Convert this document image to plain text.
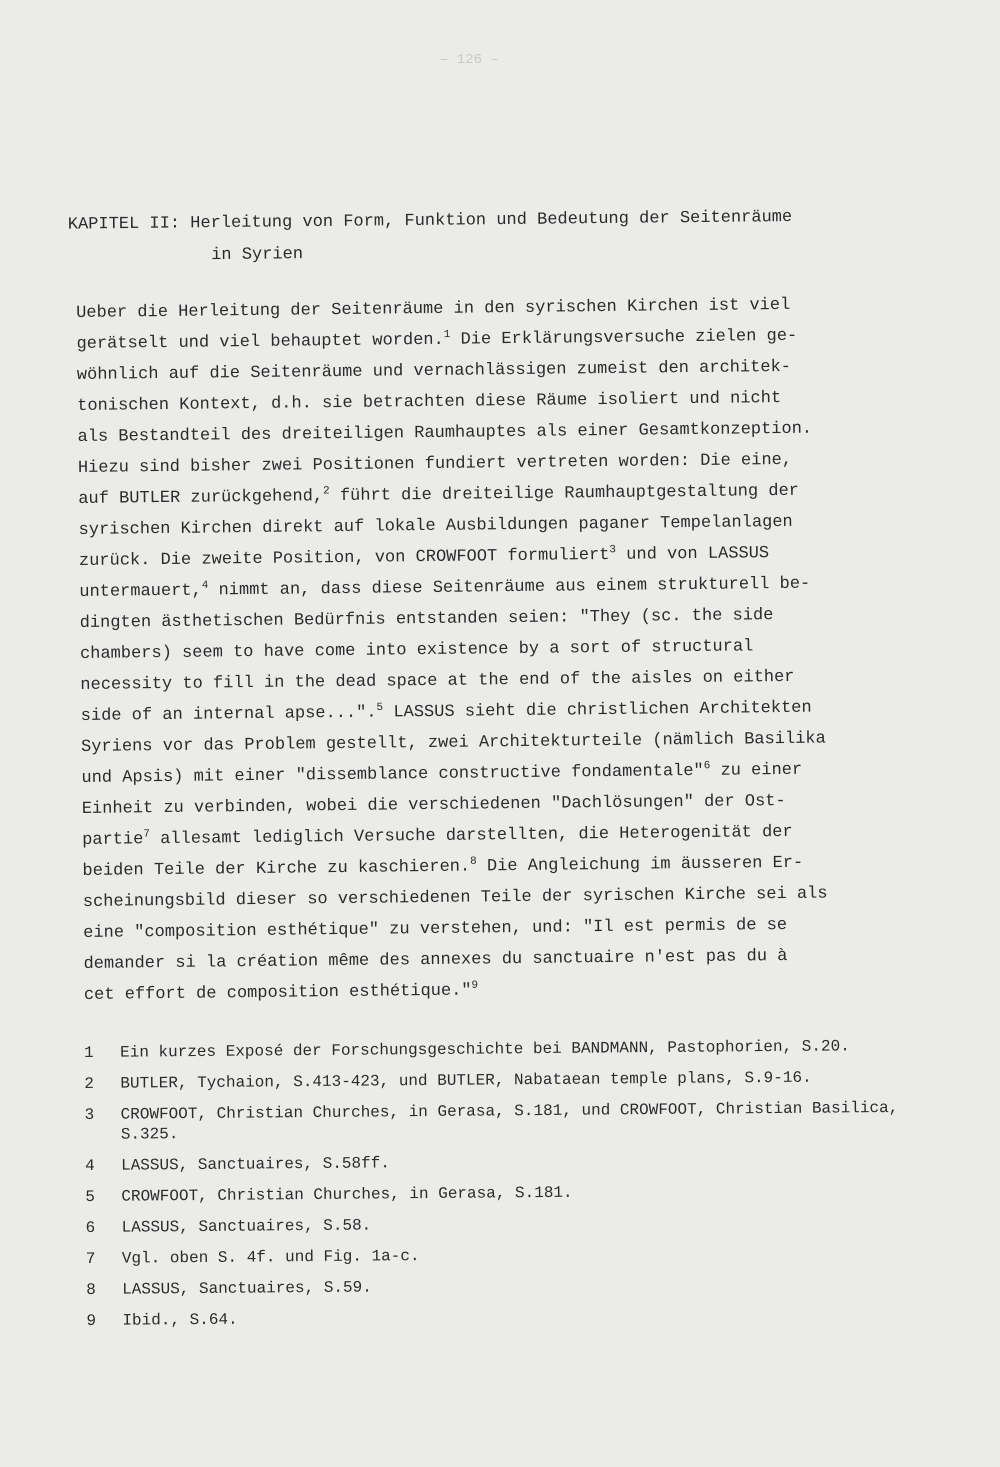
– 126 –
KAPITEL II: Herleitung von Form, Funktion und Bedeutung der Seitenräume
in Syrien

Ueber die Herleitung der Seitenräume in den syrischen Kirchen ist viel

gerätselt und viel behauptet worden.$^1$ Die Erklärungsversuche zielen ge-

wöhnlich auf die Seitenräume und vernachlässigen zumeist den architek-

tonischen Kontext, d.h. sie betrachten diese Räume isoliert und nicht

als Bestandteil des dreiteiligen Raumhauptes als einer Gesamtkonzeption.

Hiezu sind bisher zwei Positionen fundiert vertreten worden: Die eine,

auf BUTLER zurückgehend,$^2$ führt die dreiteilige Raumhauptgestaltung der

syrischen Kirchen direkt auf lokale Ausbildungen paganer Tempelanlagen

zurück. Die zweite Position, von CROWFOOT formuliert$^3$ und von LASSUS

untermauert,$^4$ nimmt an, dass diese Seitenräume aus einem strukturell be-

dingten ästhetischen Bedürfnis entstanden seien: "They (sc. the side

chambers) seem to have come into existence by a sort of structural

necessity to fill in the dead space at the end of the aisles on either

side of an internal apse...".$^5$ LASSUS sieht die christlichen Architekten

Syriens vor das Problem gestellt, zwei Architekturteile (nämlich Basilika

und Apsis) mit einer "dissemblance constructive fondamentale"$^6$ zu einer

Einheit zu verbinden, wobei die verschiedenen "Dachlösungen" der Ost-

partie$^7$ allesamt lediglich Versuche darstellten, die Heterogenität der

beiden Teile der Kirche zu kaschieren.$^8$ Die Angleichung im äusseren Er-

scheinungsbild dieser so verschiedenen Teile der syrischen Kirche sei als

eine "composition esthétique" zu verstehen, und: "Il est permis de se

demander si la création même des annexes du sanctuaire n'est pas du à

cet effort de composition esthétique."$^9$

1	Ein kurzes Exposé der Forschungsgeschichte bei BANDMANN, Pastophorien, S.20.
2	BUTLER, Tychaion, S.413-423, und BUTLER, Nabataean temple plans, S.9-16.
3	CROWFOOT, Christian Churches, in Gerasa, S.181, und CROWFOOT, Christian Basilica, S.325.
4	LASSUS, Sanctuaires, S.58ff.
5	CROWFOOT, Christian Churches, in Gerasa, S.181.
6	LASSUS, Sanctuaires, S.58.
7	Vgl. oben S. 4f. und Fig. 1a-c.
8	LASSUS, Sanctuaires, S.59.
9	Ibid., S.64.
